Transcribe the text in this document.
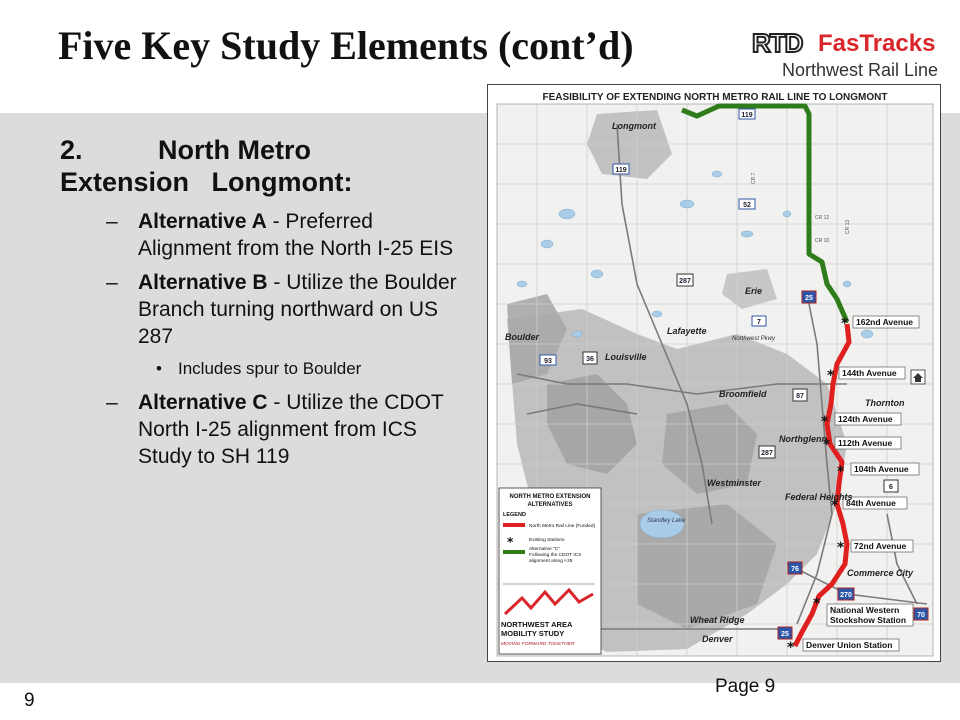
Five Key Study Elements (cont’d)	RTD FasTracks
Northwest Rail Line
2.	North Metro
Extension   Longmont:
– Alternative A - Preferred Alignment from the North I-25 EIS
– Alternative B - Utilize the Boulder Branch turning northward on US 287
• Includes spur to Boulder
– Alternative C - Utilize the CDOT North I-25 alignment from ICS Study to SH 119
FEASIBILITY OF EXTENDING NORTH METRO RAIL LINE TO LONGMONT
*
*
*
*
*
*
*
*
*
162nd Avenue
144th Avenue
124th Avenue
112th Avenue
104th Avenue
84th Avenue
72nd Avenue
National Western
Stockshow Station
Denver Union Station
Longmont
Erie
Lafayette
Boulder
Louisville
Broomfield
Thornton
Northglenn
Westminster
Federal Heights
Commerce City
Wheat Ridge
Denver
Standley Lake
Northwest Pkwy
119
119
52
287
25
7
93	36
287
87
6
76
270
70
25
CR 12
CR 10
CR 7
CR 13
NORTH METRO EXTENSION
ALTERNATIVES
LEGEND
North Metro Rail Line (Funded)
*	Existing Stations
Alternative "C"
Following the CDOT ICS
alignment along I-25
NORTHWEST AREA
MOBILITY STUDY
MOVING FORWARD TOGETHER
Page 9
9
